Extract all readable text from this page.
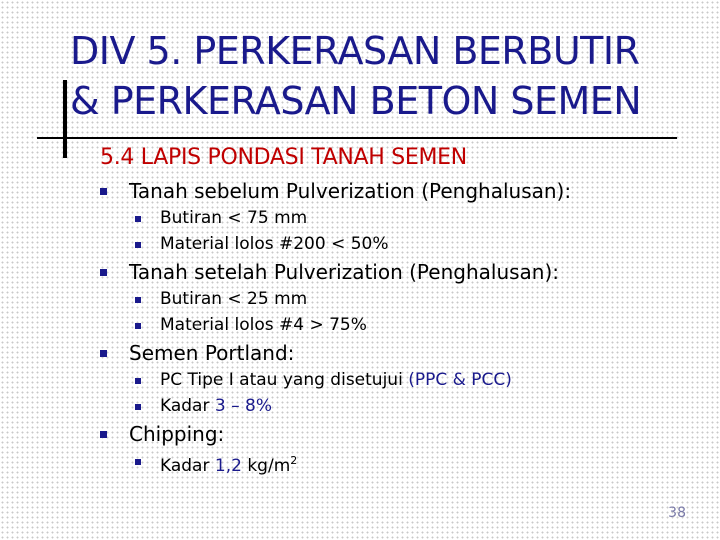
DIV 5. PERKERASAN BERBUTIR
& PERKERASAN BETON SEMEN
5.4 LAPIS PONDASI TANAH SEMEN
Tanah sebelum Pulverization (Penghalusan):
Butiran < 75 mm
Material lolos #200 < 50%
Tanah setelah Pulverization (Penghalusan):
Butiran < 25 mm
Material lolos #4 > 75%
Semen Portland:
PC Tipe I atau yang disetujui (PPC & PCC)
Kadar 3 – 8%
Chipping:
Kadar 1,2 $kg/m^2$
38
